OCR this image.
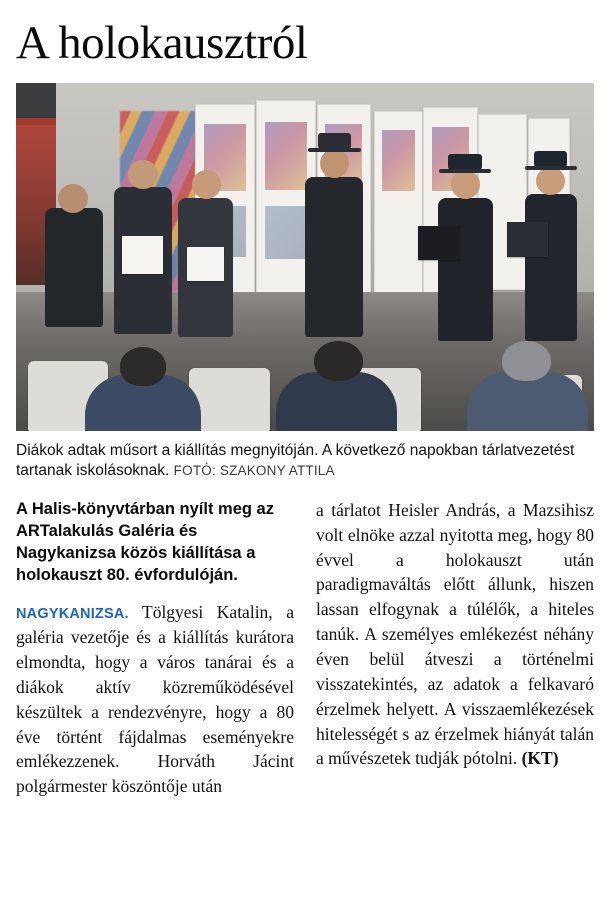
A holokausztról
Diákok adtak műsort a kiállítás megnyitóján. A következő napokban tárlatvezetést tartanak iskolásoknak. FOTÓ: SZAKONY ATTILA

A Halis-könyvtárban nyílt meg az ARTalakulás Galéria és Nagykanizsa közös kiállítása a holokauszt 80. évfordulóján.

NAGYKANIZSA. Tölgyesi Katalin, a galéria vezetője és a kiállítás kurátora elmondta, hogy a város tanárai és a diákok aktív közreműködésével készültek a rendezvényre, hogy a 80 éve történt fájdalmas eseményekre emlékezzenek. Horváth Jácint polgármester köszöntője után

a tárlatot Heisler András, a Mazsihisz volt elnöke azzal nyitotta meg, hogy 80 évvel a holokauszt után paradigmaváltás előtt állunk, hiszen lassan elfogynak a túlélők, a hiteles tanúk. A személyes emlékezést néhány éven belül átveszi a történelmi visszatekintés, az adatok a felkavaró érzelmek helyett. A visszaemlékezések hitelességét s az érzelmek hiányát talán a művészetek tudják pótolni. (KT)
